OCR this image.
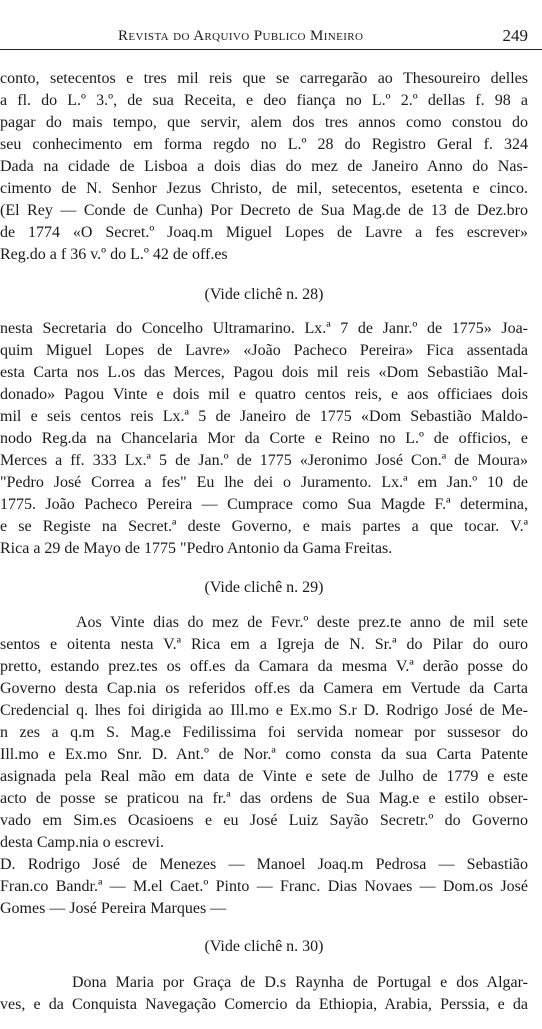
Revista do Arquivo Publico Mineiro	249
conto, setecentos e tres mil reis que se carregarão ao Thesoureiro delles
a fl. do L.º 3.º, de sua Receita, e deo fiança no L.º 2.º dellas f. 98 a
pagar do mais tempo, que servir, alem dos tres annos como constou do
seu conhecimento em forma regdo no L.º 28 do Registro Geral f. 324
Dada na cidade de Lisboa a dois dias do mez de Janeiro Anno do Nas-
cimento de N. Senhor Jezus Christo, de mil, setecentos, esetenta e cinco.
(El Rey — Conde de Cunha) Por Decreto de Sua Mag.de de 13 de Dez.bro
de 1774 «O Secret.º Joaq.m Miguel Lopes de Lavre a fes escrever»
Reg.do a f 36 v.º do L.º 42 de off.es
(Vide clichê n. 28)
nesta Secretaria do Concelho Ultramarino. Lx.ª 7 de Janr.º de 1775» Joa-
quim Miguel Lopes de Lavre» «João Pacheco Pereira» Fica assentada
esta Carta nos L.os das Merces, Pagou dois mil reis «Dom Sebastião Mal-
donado» Pagou Vinte e dois mil e quatro centos reis, e aos officiaes dois
mil e seis centos reis Lx.ª 5 de Janeiro de 1775 «Dom Sebastião Maldo-
nodo Reg.da na Chancelaria Mor da Corte e Reino no L.º de officios, e
Merces a ff. 333 Lx.ª 5 de Jan.º de 1775 «Jeronimo José Con.ª de Moura»
"Pedro José Correa a fes" Eu lhe dei o Juramento. Lx.ª em Jan.º 10 de
1775. João Pacheco Pereira — Cumprace como Sua Magde F.ª determina,
e se Registe na Secret.ª deste Governo, e mais partes a que tocar. V.ª
Rica a 29 de Mayo de 1775 "Pedro Antonio da Gama Freitas.
(Vide clichê n. 29)
Aos Vinte dias do mez de Fevr.º deste prez.te anno de mil sete
sentos e oitenta nesta V.ª Rica em a Igreja de N. Sr.ª do Pilar do ouro
pretto, estando prez.tes os off.es da Camara da mesma V.ª derão posse do
Governo desta Cap.nia os referidos off.es da Camera em Vertude da Carta
Credencial q. lhes foi dirigida ao Ill.mo e Ex.mo S.r D. Rodrigo José de Me-
n zes a q.m S. Mag.e Fedilissima foi servida nomear por sussesor do
Ill.mo e Ex.mo Snr. D. Ant.º de Nor.ª como consta da sua Carta Patente
asignada pela Real mão em data de Vinte e sete de Julho de 1779 e este
acto de posse se praticou na fr.ª das ordens de Sua Mag.e e estilo obser-
vado em Sim.es Ocasioens e eu José Luiz Sayão Secretr.º do Governo
desta Camp.nia o escrevi.
D. Rodrigo José de Menezes — Manoel Joaq.m Pedrosa — Sebastião
Fran.co Bandr.ª — M.el Caet.º Pinto — Franc. Dias Novaes — Dom.os José
Gomes — José Pereira Marques —
(Vide clichê n. 30)
Dona Maria por Graça de D.s Raynha de Portugal e dos Algar-
ves, e da Conquista Navegação Comercio da Ethiopia, Arabia, Perssia, e da
